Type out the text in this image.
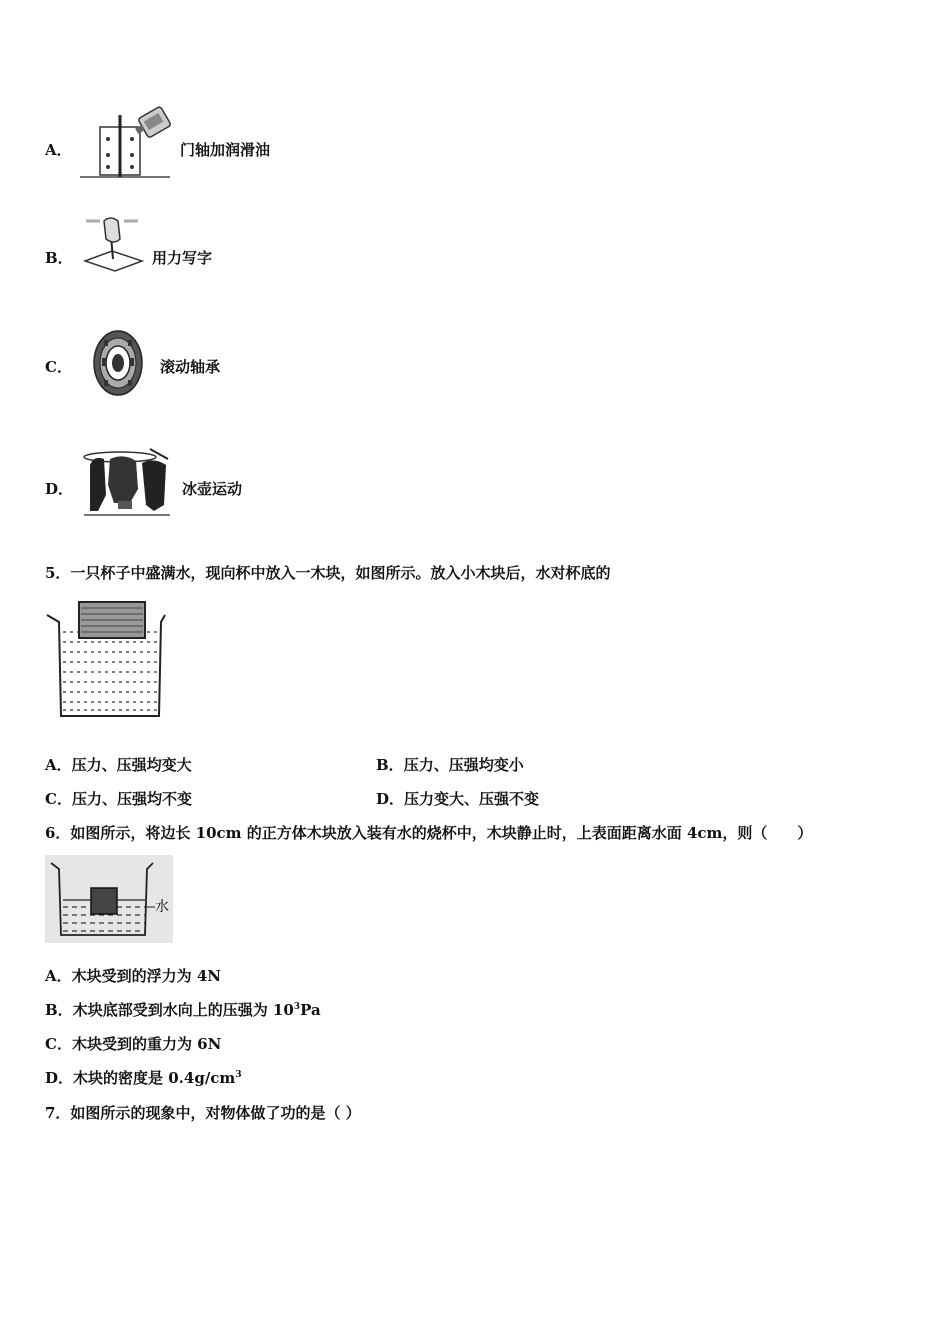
A．	门轴加润滑油
B．	用力写字
C．	滚动轴承
D．	冰壶运动
5．一只杯子中盛满水，现向杯中放入一木块，如图所示。放入小木块后，水对杯底的
A．压力、压强均变大	B．压力、压强均变小
C．压力、压强均不变	D．压力变大、压强不变
6．如图所示，将边长 10cm 的正方体木块放入装有水的烧杯中，木块静止时，上表面距离水面 4cm，则（　　）
水
A．木块受到的浮力为 4N
B．木块底部受到水向上的压强为 $10^3Pa$
C．木块受到的重力为 6N
D．木块的密度是 $0.4g/cm^3$
7．如图所示的现象中，对物体做了功的是（ ）
